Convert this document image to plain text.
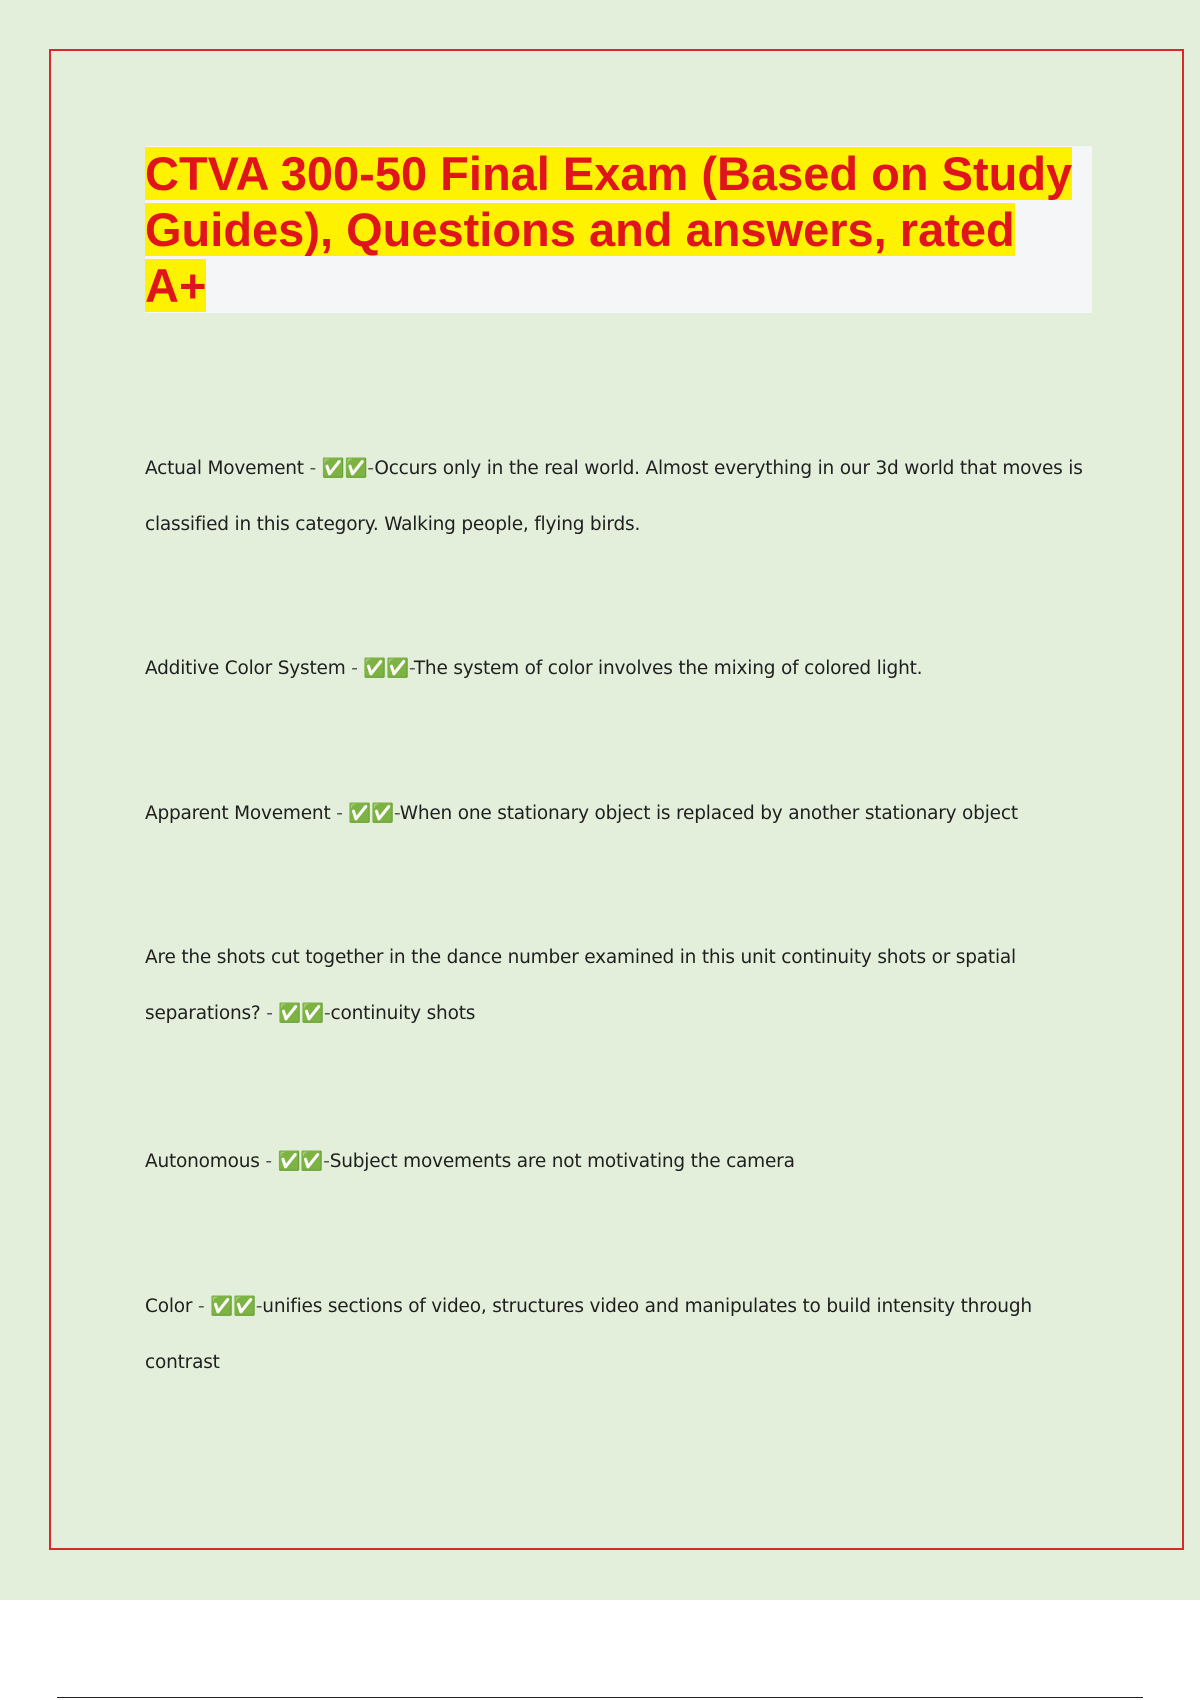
CTVA 300-50 Final Exam (Based on Study Guides), Questions and answers, rated A+
Actual Movement - ✅✅-Occurs only in the real world. Almost everything in our 3d world that moves is classified in this category. Walking people, flying birds.
Additive Color System - ✅✅-The system of color involves the mixing of colored light.
Apparent Movement - ✅✅-When one stationary object is replaced by another stationary object
Are the shots cut together in the dance number examined in this unit continuity shots or spatial separations? - ✅✅-continuity shots
Autonomous - ✅✅-Subject movements are not motivating the camera
Color - ✅✅-unifies sections of video, structures video and manipulates to build intensity through contrast
